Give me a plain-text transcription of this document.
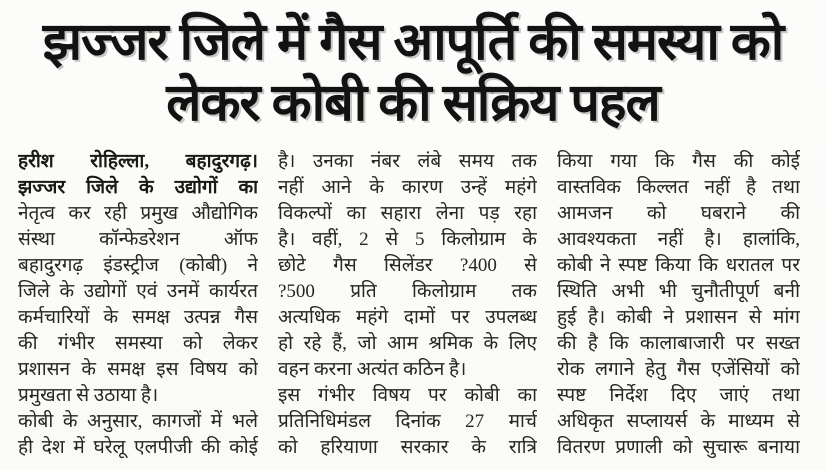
झज्जर जिले में गैस आपूर्ति की समस्या को
लेकर कोबी की सक्रिय पहल
हरीश रोहिल्ला, बहादुरगढ़।
झज्जर जिले के उद्योगों का
नेतृत्व कर रही प्रमुख औद्योगिक
संस्था कॉन्फेडरेशन ऑफ
बहादुरगढ़ इंडस्ट्रीज (कोबी) ने
जिले के उद्योगों एवं उनमें कार्यरत
कर्मचारियों के समक्ष उत्पन्न गैस
की गंभीर समस्या को लेकर
प्रशासन के समक्ष इस विषय को
प्रमुखता से उठाया है।
कोबी के अनुसार, कागजों में भले
ही देश में घरेलू एलपीजी की कोई
है। उनका नंबर लंबे समय तक
नहीं आने के कारण उन्हें महंगे
विकल्पों का सहारा लेना पड़ रहा
है। वहीं, 2 से 5 किलोग्राम के
छोटे गैस सिलेंडर ?400 से
?500 प्रति किलोग्राम तक
अत्यधिक महंगे दामों पर उपलब्ध
हो रहे हैं, जो आम श्रमिक के लिए
वहन करना अत्यंत कठिन है।
इस गंभीर विषय पर कोबी का
प्रतिनिधिमंडल दिनांक 27 मार्च
को हरियाणा सरकार के रात्रि
किया गया कि गैस की कोई
वास्तविक किल्लत नहीं है तथा
आमजन को घबराने की
आवश्यकता नहीं है। हालांकि,
कोबी ने स्पष्ट किया कि धरातल पर
स्थिति अभी भी चुनौतीपूर्ण बनी
हुई है। कोबी ने प्रशासन से मांग
की है कि कालाबाजारी पर सख्त
रोक लगाने हेतु गैस एजेंसियों को
स्पष्ट निर्देश दिए जाएं तथा
अधिकृत सप्लायर्स के माध्यम से
वितरण प्रणाली को सुचारू बनाया
